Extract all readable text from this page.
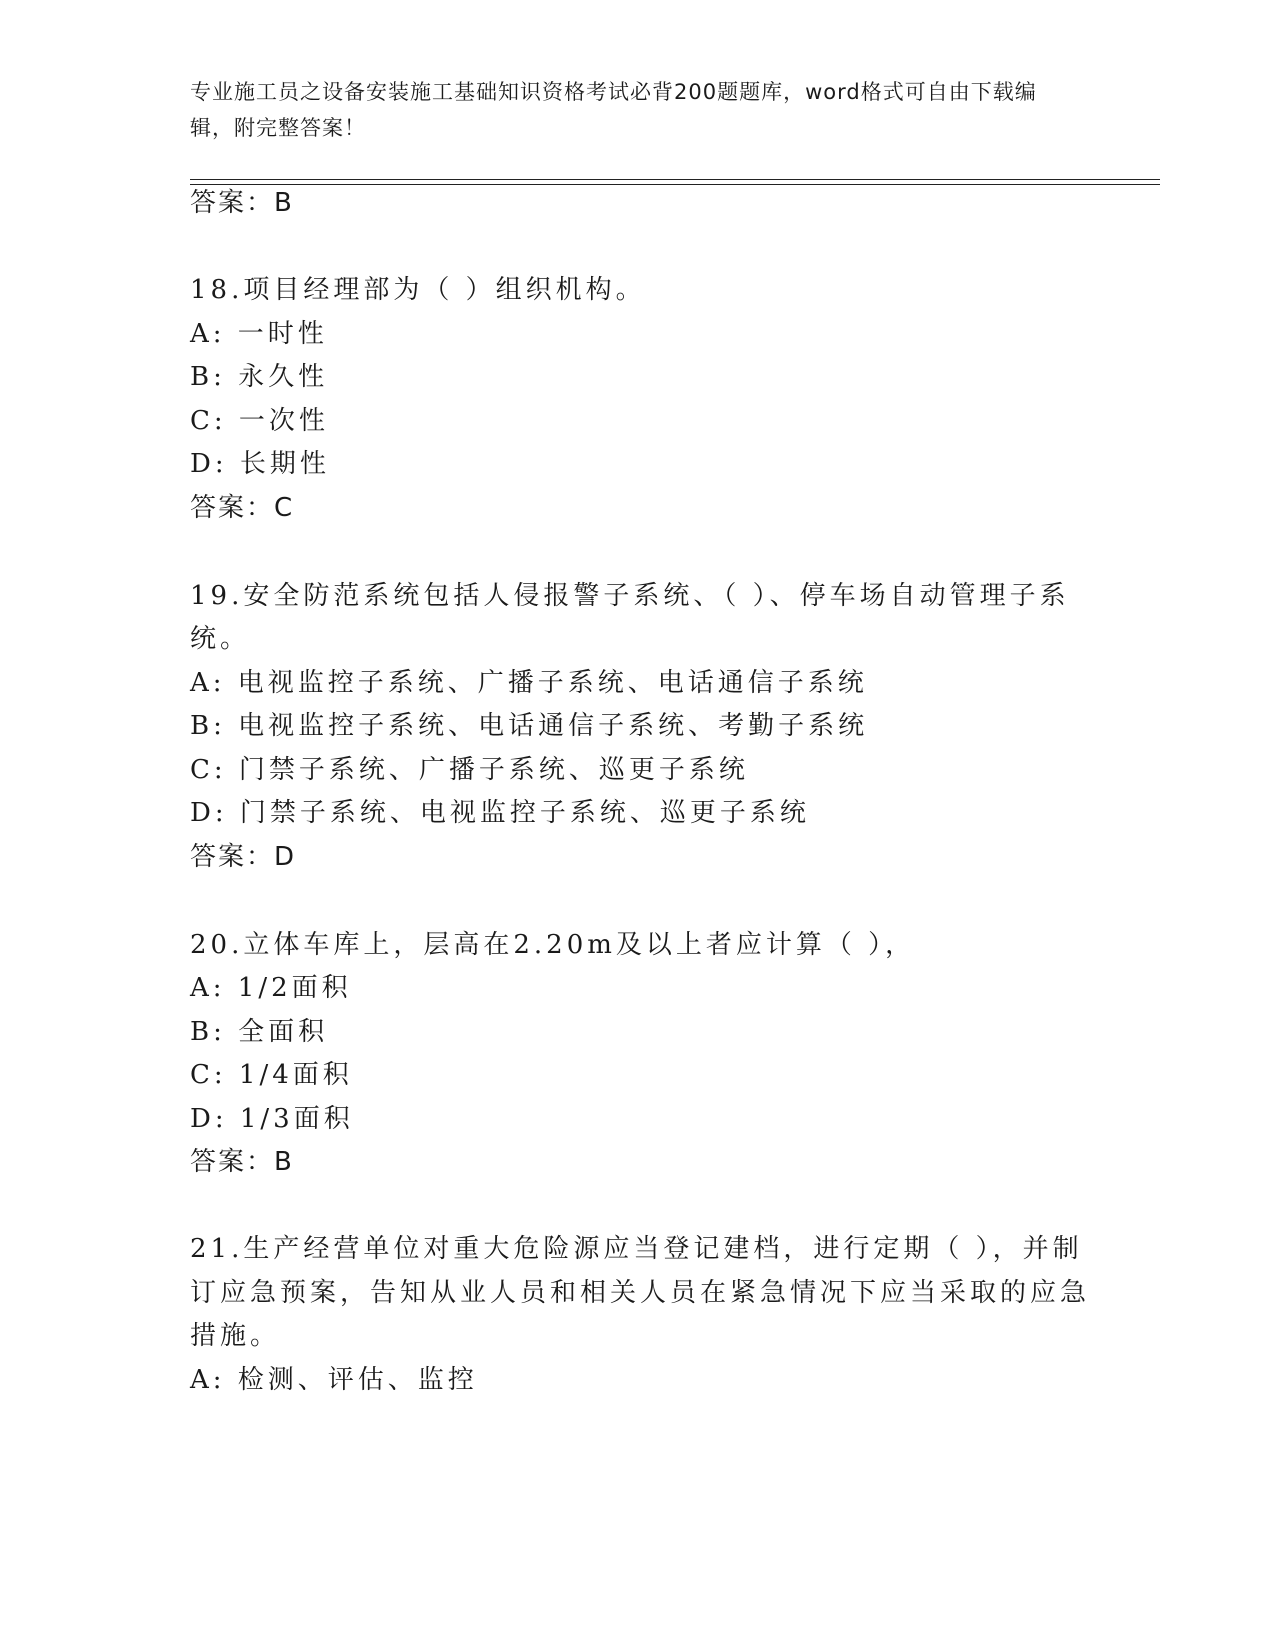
专业施工员之设备安装施工基础知识资格考试必背200题题库，word格式可自由下载编辑，附完整答案！
答案：B
18.项目经理部为（ ）组织机构。
A: 一时性
B: 永久性
C: 一次性
D: 长期性
答案：C
19.安全防范系统包括人侵报警子系统、（ ）、停车场自动管理子系
统。
A: 电视监控子系统、广播子系统、电话通信子系统
B: 电视监控子系统、电话通信子系统、考勤子系统
C: 门禁子系统、广播子系统、巡更子系统
D: 门禁子系统、电视监控子系统、巡更子系统
答案：D
20.立体车库上，层高在2.20m及以上者应计算（ ），
A: 1/2面积
B: 全面积
C: 1/4面积
D: 1/3面积
答案：B
21.生产经营单位对重大危险源应当登记建档，进行定期（ ），并制
订应急预案，告知从业人员和相关人员在紧急情况下应当采取的应急
措施。
A: 检测、评估、监控
